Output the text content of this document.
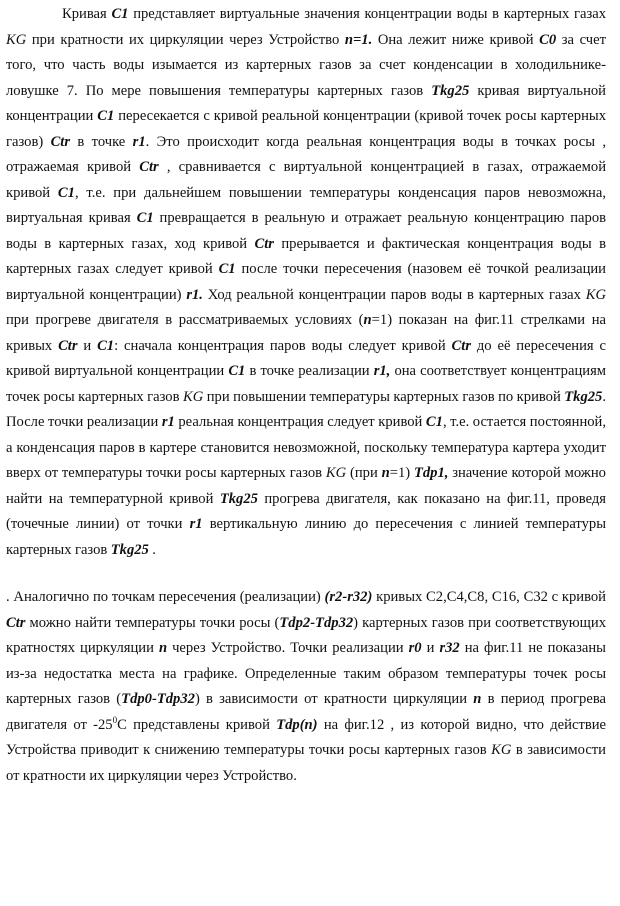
Кривая C1 представляет виртуальные значения концентрации воды в картерных газах KG при кратности их циркуляции через Устройство n=1. Она лежит ниже кривой C0 за счет того, что часть воды изымается из картерных газов за счет конденсации в холодильнике-ловушке 7. По мере повышения температуры картерных газов Tkg25 кривая виртуальной концентрации C1 пересекается с кривой реальной концентрации (кривой точек росы картерных газов) Ctr в точке r1. Это происходит когда реальная концентрация воды в точках росы , отражаемая кривой Ctr , сравнивается с виртуальной концентрацией в газах, отражаемой кривой C1, т.е. при дальнейшем повышении температуры конденсация паров невозможна, виртуальная кривая C1 превращается в реальную и отражает реальную концентрацию паров воды в картерных газах, ход кривой Ctr прерывается и фактическая концентрация воды в картерных газах следует кривой C1 после точки пересечения (назовем её точкой реализации виртуальной концентрации) r1. Ход реальной концентрации паров воды в картерных газах KG при прогреве двигателя в рассматриваемых условиях (n=1) показан на фиг.11 стрелками на кривых Ctr и C1: сначала концентрация паров воды следует кривой Ctr до её пересечения с кривой виртуальной концентрации C1 в точке реализации r1, она соответствует концентрациям точек росы картерных газов KG при повышении температуры картерных газов по кривой Tkg25. После точки реализации r1 реальная концентрация следует кривой C1, т.е. остается постоянной, а конденсация паров в картере становится невозможной, поскольку температура картера уходит вверх от температуры точки росы картерных газов KG (при n=1) Tdp1, значение которой можно найти на температурной кривой Tkg25 прогрева двигателя, как показано на фиг.11, проведя (точечные линии) от точки r1 вертикальную линию до пересечения с линией температуры картерных газов Tkg25 .

. Аналогично по точкам пересечения (реализации) (r2-r32) кривых С2,С4,С8, С16, С32 с кривой Ctr можно найти температуры точки росы (Tdp2-Tdp32) картерных газов при соответствующих кратностях циркуляции n через Устройство. Точки реализации r0 и r32 на фиг.11 не показаны из-за недостатка места на графике. Определенные таким образом температуры точек росы картерных газов (Tdp0-Tdp32) в зависимости от кратности циркуляции n в период прогрева двигателя от $-25^0С$ представлены кривой Tdp(n) на фиг.12 , из которой видно, что действие Устройства приводит к снижению температуры точки росы картерных газов KG в зависимости от кратности их циркуляции через Устройство.
